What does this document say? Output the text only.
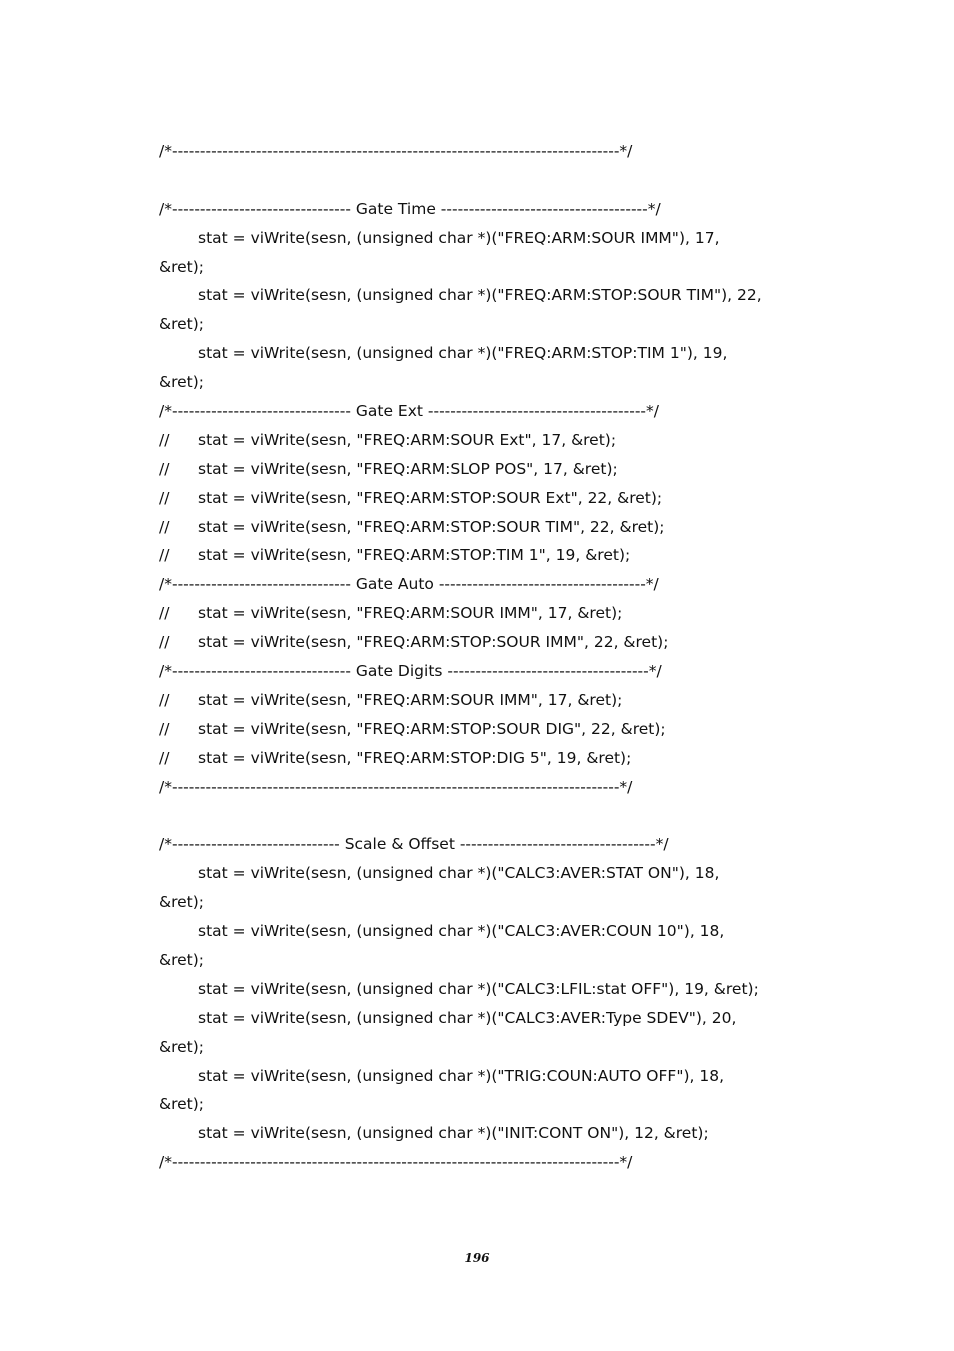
/*--------------------------------------------------------------------------------*/
/*-------------------------------- Gate Time -------------------------------------*/
stat = viWrite(sesn, (unsigned char *)("FREQ:ARM:SOUR IMM"), 17,
&ret);
stat = viWrite(sesn, (unsigned char *)("FREQ:ARM:STOP:SOUR TIM"), 22,
&ret);
stat = viWrite(sesn, (unsigned char *)("FREQ:ARM:STOP:TIM 1"), 19,
&ret);
/*-------------------------------- Gate Ext ---------------------------------------*/
// stat = viWrite(sesn, "FREQ:ARM:SOUR Ext", 17, &ret);
// stat = viWrite(sesn, "FREQ:ARM:SLOP POS", 17, &ret);
// stat = viWrite(sesn, "FREQ:ARM:STOP:SOUR Ext", 22, &ret);
// stat = viWrite(sesn, "FREQ:ARM:STOP:SOUR TIM", 22, &ret);
// stat = viWrite(sesn, "FREQ:ARM:STOP:TIM 1", 19, &ret);
/*-------------------------------- Gate Auto -------------------------------------*/
// stat = viWrite(sesn, "FREQ:ARM:SOUR IMM", 17, &ret);
// stat = viWrite(sesn, "FREQ:ARM:STOP:SOUR IMM", 22, &ret);
/*-------------------------------- Gate Digits ------------------------------------*/
// stat = viWrite(sesn, "FREQ:ARM:SOUR IMM", 17, &ret);
// stat = viWrite(sesn, "FREQ:ARM:STOP:SOUR DIG", 22, &ret);
// stat = viWrite(sesn, "FREQ:ARM:STOP:DIG 5", 19, &ret);
/*--------------------------------------------------------------------------------*/
/*------------------------------ Scale & Offset -----------------------------------*/
stat = viWrite(sesn, (unsigned char *)("CALC3:AVER:STAT ON"), 18,
&ret);
stat = viWrite(sesn, (unsigned char *)("CALC3:AVER:COUN 10"), 18,
&ret);
stat = viWrite(sesn, (unsigned char *)("CALC3:LFIL:stat OFF"), 19, &ret);
stat = viWrite(sesn, (unsigned char *)("CALC3:AVER:Type SDEV"), 20,
&ret);
stat = viWrite(sesn, (unsigned char *)("TRIG:COUN:AUTO OFF"), 18,
&ret);
stat = viWrite(sesn, (unsigned char *)("INIT:CONT ON"), 12, &ret);
/*--------------------------------------------------------------------------------*/
196
